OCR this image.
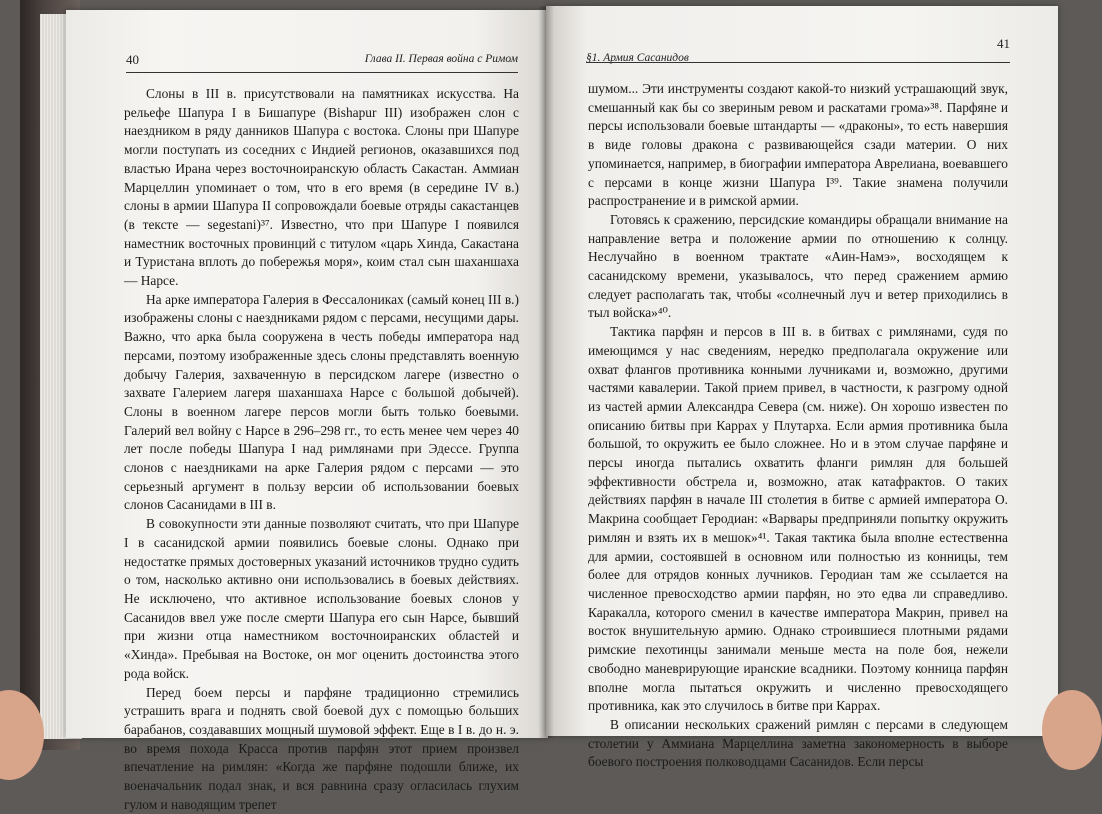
40	Глава II. Первая война с Римом

Слоны в III в. присутствовали на памятниках искусства. На рельефе Шапура I в Бишапуре (Bishapur III) изображен слон с наездником в ряду данников Шапура с востока. Слоны при Шапуре могли поступать из соседних с Индией регионов, оказавшихся под властью Ирана через восточноиранскую область Сакастан. Аммиан Марцеллин упоминает о том, что в его время (в середине IV в.) слоны в армии Шапура II сопровождали боевые отряды сакастанцев (в тексте — segestani)³⁷. Известно, что при Шапуре I появился наместник восточных провинций с титулом «царь Хинда, Сакастана и Туристана вплоть до побережья моря», коим стал сын шаханшаха — Нарсе.

На арке императора Галерия в Фессалониках (самый конец III в.) изображены слоны с наездниками рядом с персами, несущими дары. Важно, что арка была сооружена в честь победы императора над персами, поэтому изображенные здесь слоны представлять военную добычу Галерия, захваченную в персидском лагере (известно о захвате Галерием лагеря шаханшаха Нарсе с большой добычей). Слоны в военном лагере персов могли быть только боевыми. Галерий вел войну с Нарсе в 296–298 гг., то есть менее чем через 40 лет после победы Шапура I над римлянами при Эдессе. Группа слонов с наездниками на арке Галерия рядом с персами — это серьезный аргумент в пользу версии об использовании боевых слонов Сасанидами в III в.

В совокупности эти данные позволяют считать, что при Шапуре I в сасанидской армии появились боевые слоны. Однако при недостатке прямых достоверных указаний источников трудно судить о том, насколько активно они использовались в боевых действиях. Не исключено, что активное использование боевых слонов у Сасанидов ввел уже после смерти Шапура его сын Нарсе, бывший при жизни отца наместником восточноиранских областей и «Хинда». Пребывая на Востоке, он мог оценить достоинства этого рода войск.

Перед боем персы и парфяне традиционно стремились устрашить врага и поднять свой боевой дух с помощью больших барабанов, создававших мощный шумовой эффект. Еще в I в. до н. э. во время похода Красса против парфян этот прием произвел впечатление на римлян: «Когда же парфяне подошли ближе, их военачальник подал знак, и вся равнина сразу огласилась глухим гулом и наводящим трепет

41
§1. Армия Сасанидов

шумом... Эти инструменты создают какой-то низкий устрашающий звук, смешанный как бы со звериным ревом и раскатами грома»³⁸. Парфяне и персы использовали боевые штандарты — «драконы», то есть навершия в виде головы дракона с развивающейся сзади материи. О них упоминается, например, в биографии императора Аврелиана, воевавшего с персами в конце жизни Шапура I³⁹. Такие знамена получили распространение и в римской армии.

Готовясь к сражению, персидские командиры обращали внимание на направление ветра и положение армии по отношению к солнцу. Неслучайно в военном трактате «Аин-Намэ», восходящем к сасанидскому времени, указывалось, что перед сражением армию следует располагать так, чтобы «солнечный луч и ветер приходились в тыл войска»⁴⁰.

Тактика парфян и персов в III в. в битвах с римлянами, судя по имеющимся у нас сведениям, нередко предполагала окружение или охват флангов противника конными лучниками и, возможно, другими частями кавалерии. Такой прием привел, в частности, к разгрому одной из частей армии Александра Севера (см. ниже). Он хорошо известен по описанию битвы при Каррах у Плутарха. Если армия противника была большой, то окружить ее было сложнее. Но и в этом случае парфяне и персы иногда пытались охватить фланги римлян для большей эффективности обстрела и, возможно, атак катафрактов. О таких действиях парфян в начале III столетия в битве с армией императора О. Макрина сообщает Геродиан: «Варвары предприняли попытку окружить римлян и взять их в мешок»⁴¹. Такая тактика была вполне естественна для армии, состоявшей в основном или полностью из конницы, тем более для отрядов конных лучников. Геродиан там же ссылается на численное превосходство армии парфян, но это едва ли справедливо. Каракалла, которого сменил в качестве императора Макрин, привел на восток внушительную армию. Однако строившиеся плотными рядами римские пехотинцы занимали меньше места на поле боя, нежели свободно маневрирующие иранские всадники. Поэтому конница парфян вполне могла пытаться окружить и численно превосходящего противника, как это случилось в битве при Каррах.

В описании нескольких сражений римлян с персами в следующем столетии у Аммиана Марцеллина заметна закономерность в выборе боевого построения полководцами Сасанидов. Если персы
